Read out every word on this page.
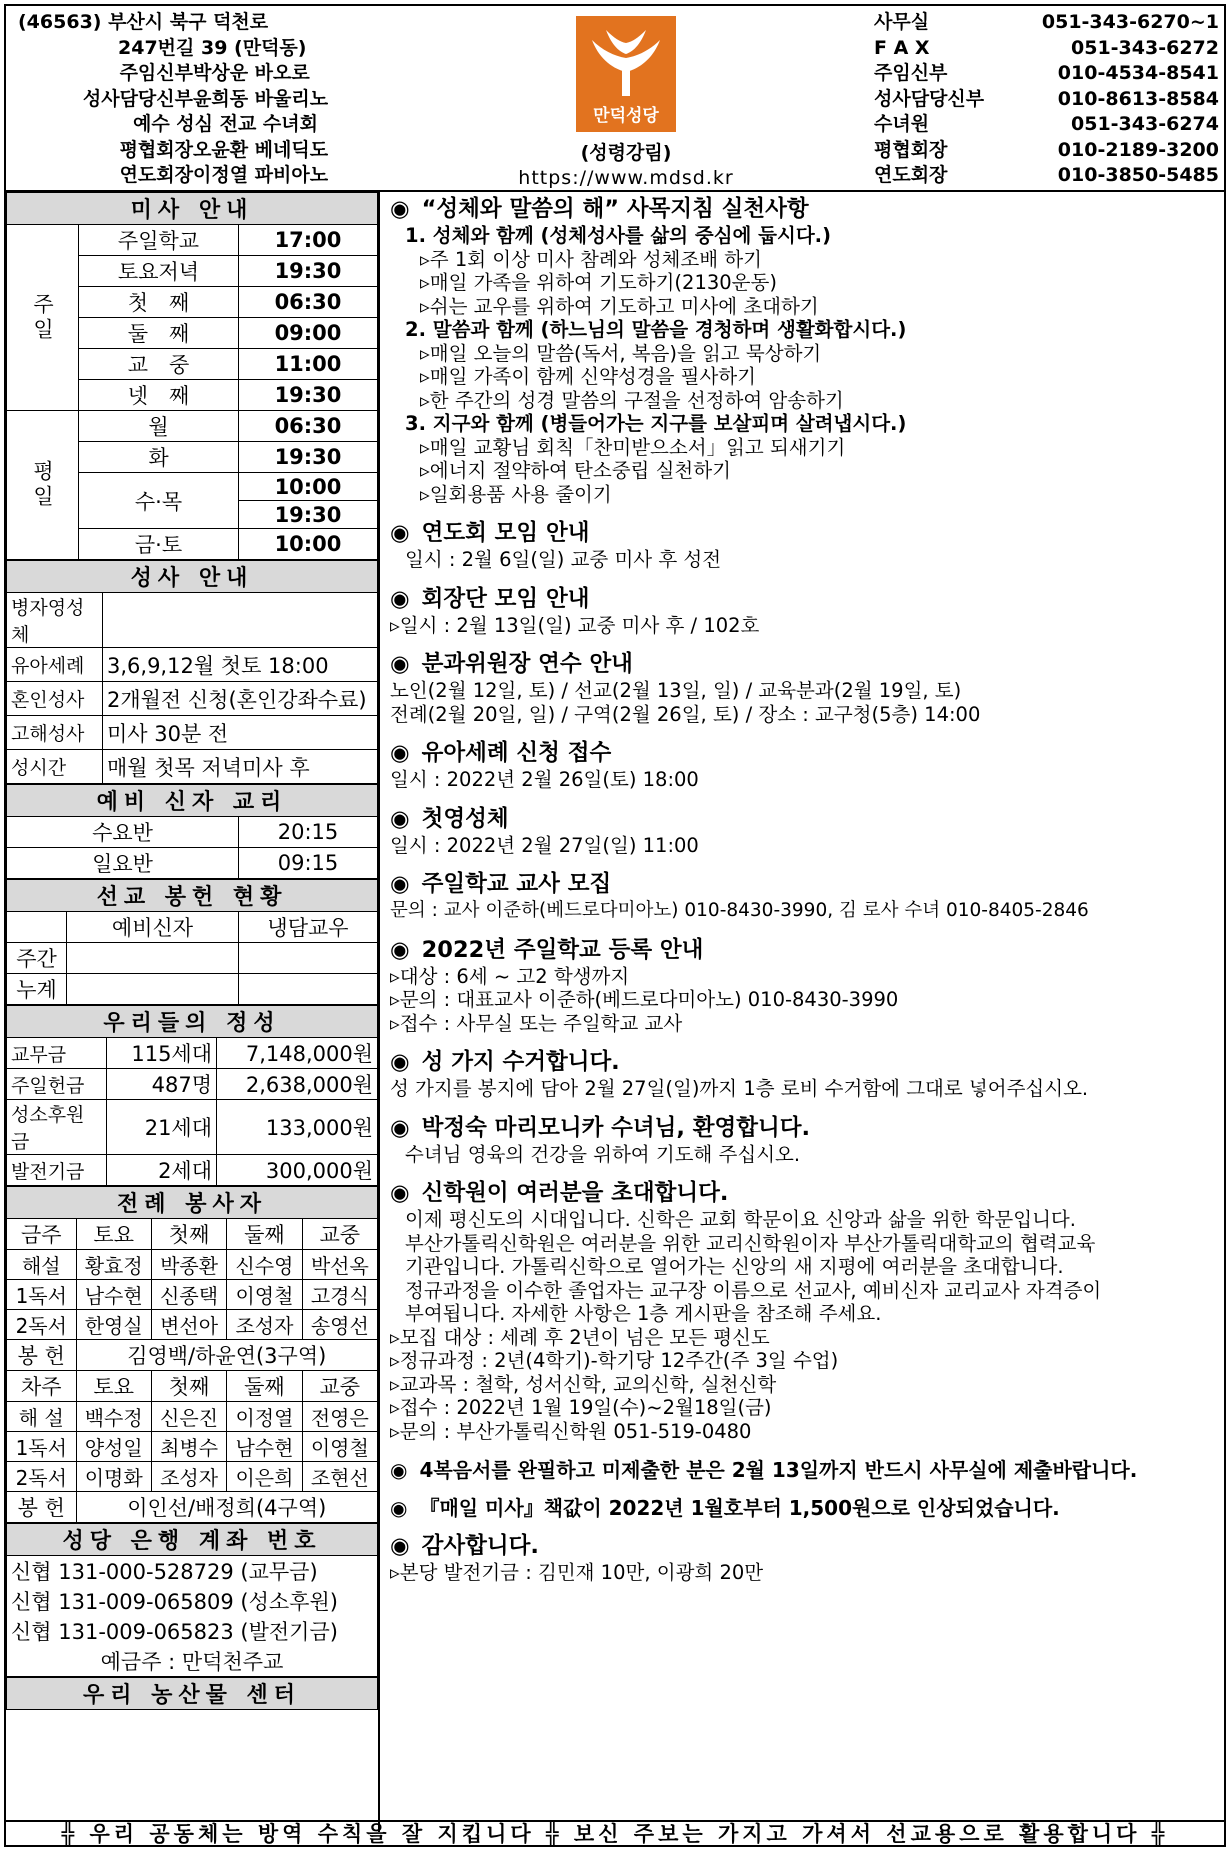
(46563) 부산시 북구 덕천로
247번길 39 (만덕동)
주임신부 박상운 바오로
성사담당신부 윤희동 바울리노
예수 성심 전교 수녀회
평협회장 오윤환 베네딕도
연도회장 이정열 파비아노
만덕성당
(성령강림)
https://www.mdsd.kr
사무실	051-343-6270~1
F A X	051-343-6272
주임신부	010-4534-8541
성사담당신부	010-8613-8584
수녀원	051-343-6274
평협회장	010-2189-3200
연도회장	010-3850-5485
미사 안내		
주일	주일학교	17:00
	토요저녁	19:30
	첫　째	06:30
	둘　째	09:00
	교　중	11:00
	넷　째	19:30
평일	월	06:30
	화	19:30
	수·목	10:00
		19:30
	금·토	10:00
성사 안내	
병자영성체	
유아세례	3,6,9,12월 첫토 18:00
혼인성사	2개월전 신청(혼인강좌수료)
고해성사	미사 30분 전
성시간	매월 첫목 저녁미사 후
예비 신자 교리	
수요반	20:15
일요반	09:15
선교 봉헌 현황		
	예비신자	냉담교우
주간		
누계		
우리들의 정성		
교무금	115세대	7,148,000원
주일헌금	487명	2,638,000원
성소후원금	21세대	133,000원
발전기금	2세대	300,000원
전례 봉사자				
금주	토요	첫째	둘째	교중
해설	황효정	박종환	신수영	박선옥
1독서	남수현	신종택	이영철	고경식
2독서	한영실	변선아	조성자	송영선
봉 헌	김영백/하윤연(3구역)			
차주	토요	첫째	둘째	교중
해 설	백수정	신은진	이정열	전영은
1독서	양성일	최병수	남수현	이영철
2독서	이명화	조성자	이은희	조현선
봉 헌	이인선/배정희(4구역)			
성당 은행 계좌 번호
신협 131-000-528729 (교무금)
신협 131-009-065809 (성소후원)
신협 131-009-065823 (발전기금)
예금주 : 만덕천주교
우리 농산물 센터
◉ “성체와 말씀의 해” 사목지침 실천사항
1. 성체와 함께 (성체성사를 삶의 중심에 둡시다.)
▹주 1회 이상 미사 참례와 성체조배 하기
▹매일 가족을 위하여 기도하기(2130운동)
▹쉬는 교우를 위하여 기도하고 미사에 초대하기
2. 말씀과 함께 (하느님의 말씀을 경청하며 생활화합시다.)
▹매일 오늘의 말씀(독서, 복음)을 읽고 묵상하기
▹매일 가족이 함께 신약성경을 필사하기
▹한 주간의 성경 말씀의 구절을 선정하여 암송하기
3. 지구와 함께 (병들어가는 지구를 보살피며 살려냅시다.)
▹매일 교황님 회칙「찬미받으소서」읽고 되새기기
▹에너지 절약하여 탄소중립 실천하기
▹일회용품 사용 줄이기
◉ 연도회 모임 안내
일시 : 2월 6일(일) 교중 미사 후 성전
◉ 회장단 모임 안내
▹일시 : 2월 13일(일) 교중 미사 후 / 102호
◉ 분과위원장 연수 안내
노인(2월 12일, 토) / 선교(2월 13일, 일) / 교육분과(2월 19일, 토)
전례(2월 20일, 일) / 구역(2월 26일, 토) / 장소 : 교구청(5층) 14:00
◉ 유아세례 신청 접수
일시 : 2022년 2월 26일(토) 18:00
◉ 첫영성체
일시 : 2022년 2월 27일(일) 11:00
◉ 주일학교 교사 모집
문의 : 교사 이준하(베드로다미아노) 010-8430-3990, 김 로사 수녀 010-8405-2846
◉ 2022년 주일학교 등록 안내
▹대상 : 6세 ~ 고2 학생까지
▹문의 : 대표교사 이준하(베드로다미아노) 010-8430-3990
▹접수 : 사무실 또는 주일학교 교사
◉ 성 가지 수거합니다.
성 가지를 봉지에 담아 2월 27일(일)까지 1층 로비 수거함에 그대로 넣어주십시오.
◉ 박정숙 마리모니카 수녀님, 환영합니다.
수녀님 영육의 건강을 위하여 기도해 주십시오.
◉ 신학원이 여러분을 초대합니다.
이제 평신도의 시대입니다. 신학은 교회 학문이요 신앙과 삶을 위한 학문입니다.
부산가톨릭신학원은 여러분을 위한 교리신학원이자 부산가톨릭대학교의 협력교육
기관입니다. 가톨릭신학으로 열어가는 신앙의 새 지평에 여러분을 초대합니다.
정규과정을 이수한 졸업자는 교구장 이름으로 선교사, 예비신자 교리교사 자격증이
부여됩니다. 자세한 사항은 1층 게시판을 참조해 주세요.
▹모집 대상 : 세례 후 2년이 넘은 모든 평신도
▹정규과정 : 2년(4학기)-학기당 12주간(주 3일 수업)
▹교과목 : 철학, 성서신학, 교의신학, 실천신학
▹접수 : 2022년 1월 19일(수)~2월18일(금)
▹문의 : 부산가톨릭신학원 051-519-0480
◉ 4복음서를 완필하고 미제출한 분은 2월 13일까지 반드시 사무실에 제출바랍니다.
◉ 『매일 미사』책값이 2022년 1월호부터 1,500원으로 인상되었습니다.
◉ 감사합니다.
▹본당 발전기금 : 김민재 10만, 이광희 20만
╬ 우리 공동체는 방역 수칙을 잘 지킵니다 ╬ 보신 주보는 가지고 가셔서 선교용으로 활용합니다 ╬
